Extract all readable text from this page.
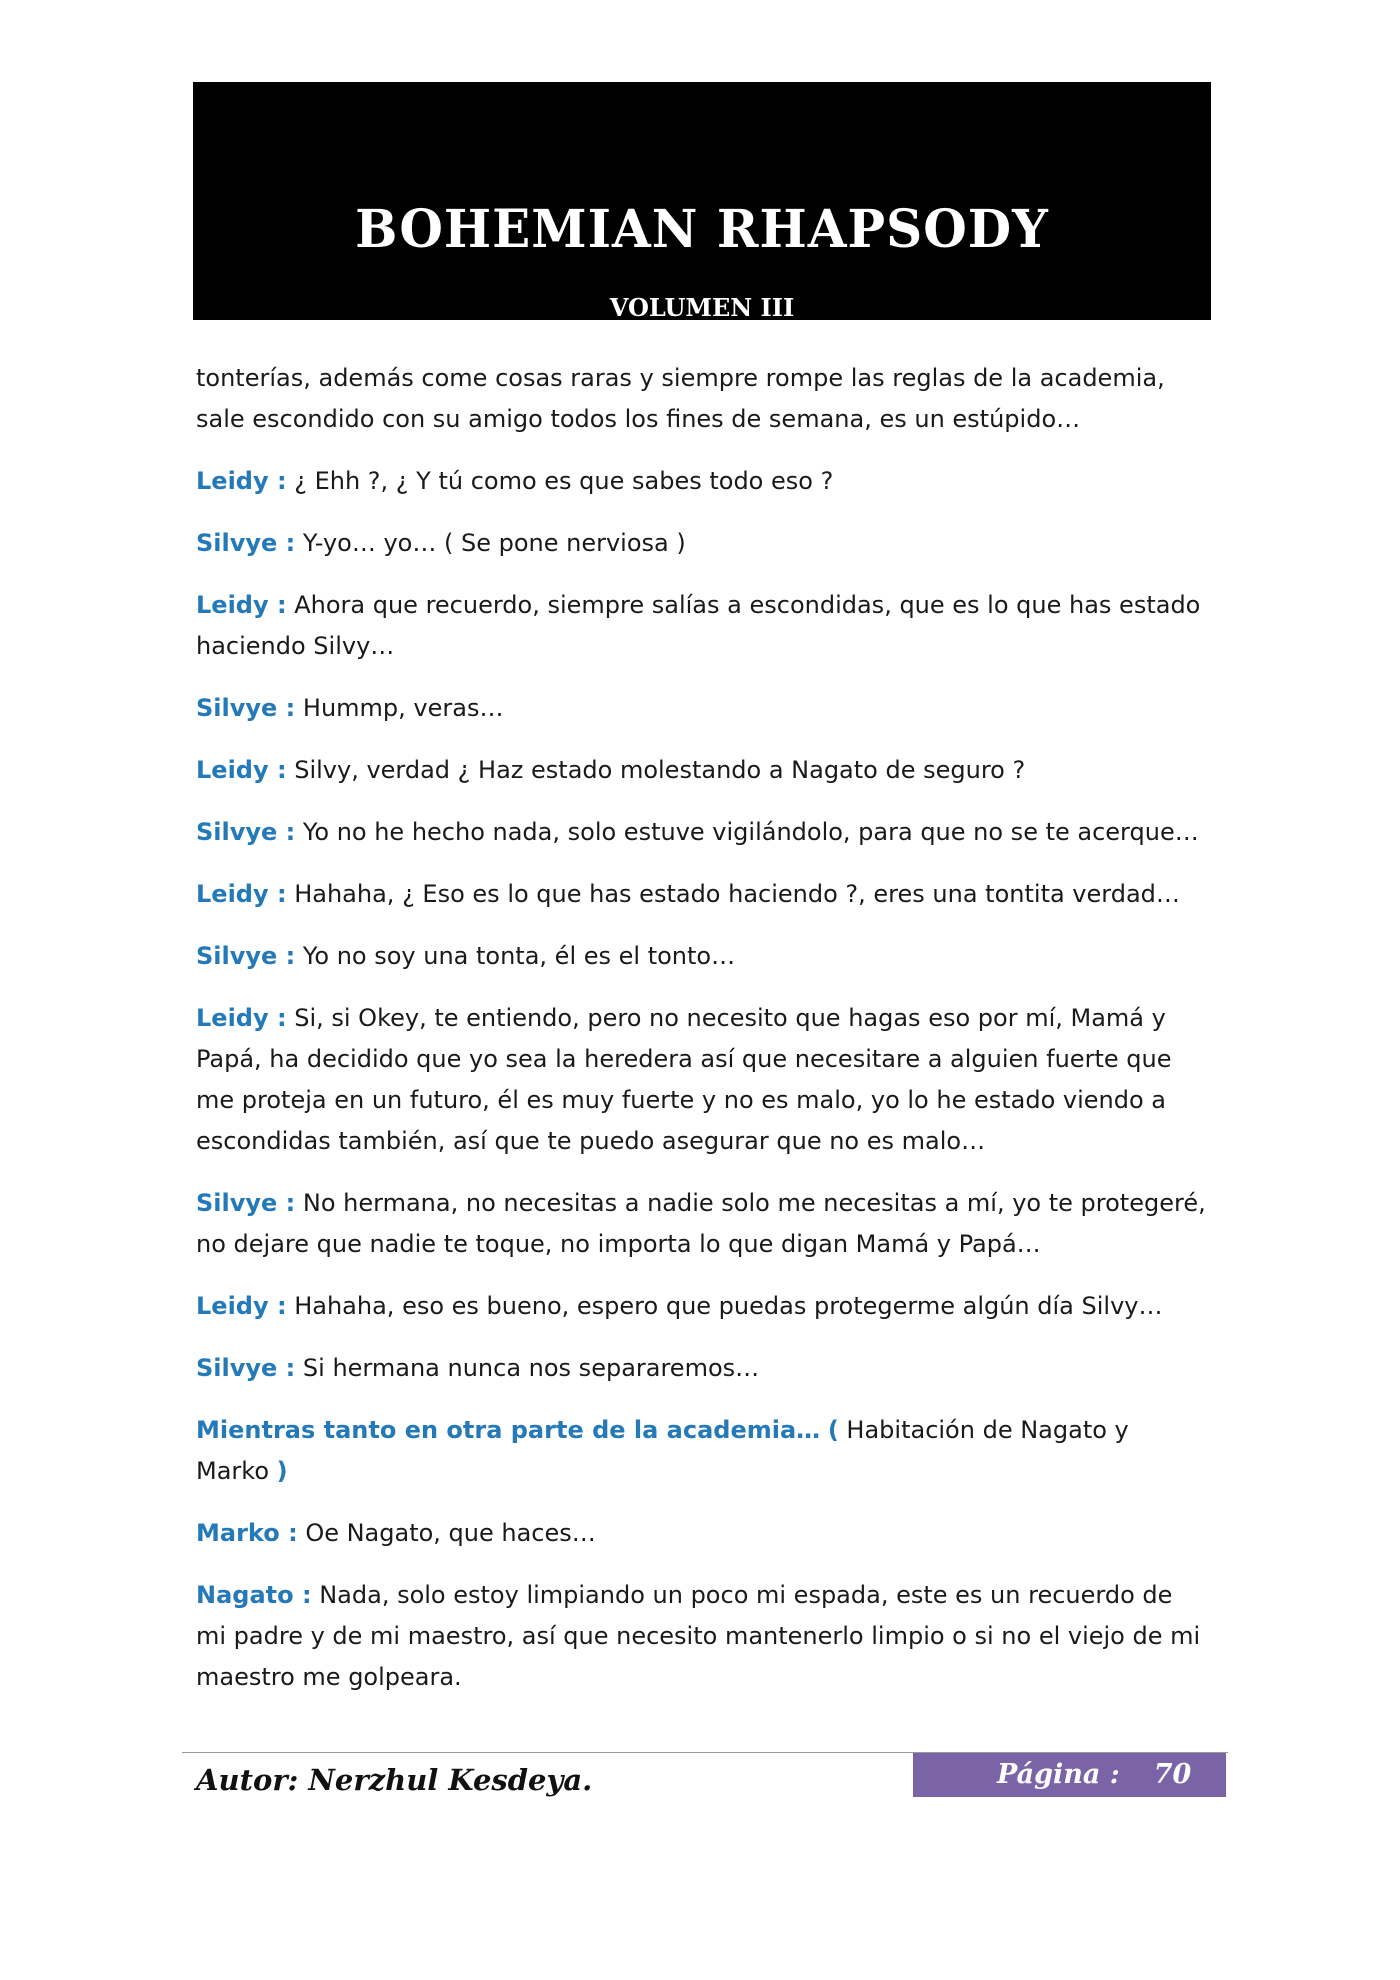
BOHEMIAN RHAPSODY
VOLUMEN III

tonterías, además come cosas raras y siempre rompe las reglas de la academia, sale escondido con su amigo todos los fines de semana, es un estúpido…

Leidy : ¿ Ehh ?, ¿ Y tú como es que sabes todo eso ?

Silvye : Y-yo… yo… ( Se pone nerviosa )

Leidy : Ahora que recuerdo, siempre salías a escondidas, que es lo que has estado haciendo Silvy…

Silvye : Hummp, veras…

Leidy : Silvy, verdad ¿ Haz estado molestando a Nagato de seguro ?

Silvye : Yo no he hecho nada, solo estuve vigilándolo, para que no se te acerque…

Leidy : Hahaha, ¿ Eso es lo que has estado haciendo ?, eres una tontita verdad…

Silvye : Yo no soy una tonta, él es el tonto…

Leidy : Si, si Okey, te entiendo, pero no necesito que hagas eso por mí, Mamá y Papá, ha decidido que yo sea la heredera así que necesitare a alguien fuerte que me proteja en un futuro, él es muy fuerte y no es malo, yo lo he estado viendo a escondidas también, así que te puedo asegurar que no es malo…

Silvye : No hermana, no necesitas a nadie solo me necesitas a mí, yo te protegeré, no dejare que nadie te toque, no importa lo que digan Mamá y Papá…

Leidy : Hahaha, eso es bueno, espero que puedas protegerme algún día Silvy…

Silvye : Si hermana nunca nos separaremos…

Mientras tanto en otra parte de la academia… ( Habitación de Nagato y Marko )

Marko : Oe Nagato, que haces…

Nagato : Nada, solo estoy limpiando un poco mi espada, este es un recuerdo de mi padre y de mi maestro, así que necesito mantenerlo limpio o si no el viejo de mi maestro me golpeara.

Autor: Nerzhul Kesdeya.	Página : 70
